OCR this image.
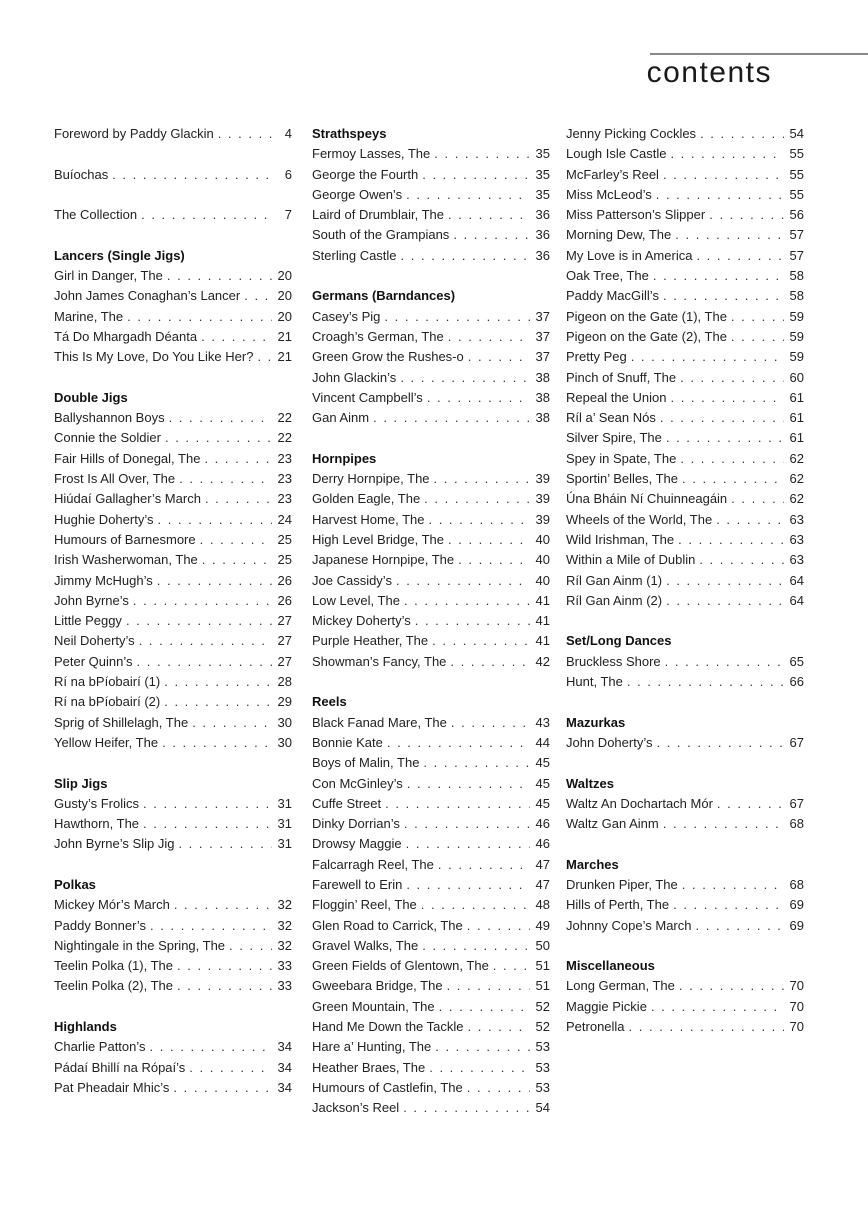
contents
Foreword by Paddy Glackin . . .	4
Buíochas . . .	6
The Collection . . .	7
Lancers (Single Jigs)
Girl in Danger, The . . .	20
John James Conaghan’s Lancer . . .	20
Marine, The . . .	20
Tá Do Mhargadh Déanta . . .	21
This Is My Love, Do You Like Her? . . . 21
Double Jigs
Ballyshannon Boys . . .	22
Connie the Soldier . . .	22
Fair Hills of Donegal, The . . .	23
Frost Is All Over, The . . .	23
Hiúdaí Gallagher’s March . . .	23
Hughie Doherty’s . . .	24
Humours of Barnesmore . . .	25
Irish Washerwoman, The . . .	25
Jimmy McHugh’s . . .	26
John Byrne’s . . .	26
Little Peggy . . .	27
Neil Doherty’s . . .	27
Peter Quinn’s . . .	27
Rí na bPíobairí (1) . . .	28
Rí na bPíobairí (2) . . .	29
Sprig of Shillelagh, The . . .	30
Yellow Heifer, The . . .	30
Slip Jigs
Gusty’s Frolics . . .	31
Hawthorn, The . . .	31
John Byrne’s Slip Jig . . .	31
Polkas
Mickey Mór’s March . . .	32
Paddy Bonner’s . . .	32
Nightingale in the Spring, The . . .	32
Teelin Polka (1), The . . .	33
Teelin Polka (2), The . . .	33
Highlands
Charlie Patton’s . . .	34
Pádaí Bhillí na Rópaí’s . . .	34
Pat Pheadair Mhic’s . . .	34
Strathspeys
Fermoy Lasses, The . . .	35
George the Fourth . . .	35
George Owen’s . . .	35
Laird of Drumblair, The . . .	36
South of the Grampians . . .	36
Sterling Castle . . .	36
Germans (Barndances)
Casey’s Pig . . .	37
Croagh’s German, The . . .	37
Green Grow the Rushes-o . . .	37
John Glackin’s . . .	38
Vincent Campbell’s . . .	38
Gan Ainm . . .	38
Hornpipes
Derry Hornpipe, The . . .	39
Golden Eagle, The . . .	39
Harvest Home, The . . .	39
High Level Bridge, The . . .	40
Japanese Hornpipe, The . . .	40
Joe Cassidy’s . . .	40
Low Level, The . . .	41
Mickey Doherty’s . . .	41
Purple Heather, The . . .	41
Showman’s Fancy, The . . .	42
Reels
Black Fanad Mare, The . . .	43
Bonnie Kate . . .	44
Boys of Malin, The . . .	45
Con McGinley’s . . .	45
Cuffe Street . . .	45
Dinky Dorrian’s . . .	46
Drowsy Maggie . . .	46
Falcarragh Reel, The . . .	47
Farewell to Erin . . .	47
Floggin’ Reel, The . . .	48
Glen Road to Carrick, The . . .	49
Gravel Walks, The . . .	50
Green Fields of Glentown, The . . .	51
Gweebara Bridge, The . . .	51
Green Mountain, The . . .	52
Hand Me Down the Tackle . . .	52
Hare a’ Hunting, The . . .	53
Heather Braes, The . . .	53
Humours of Castlefin, The . . .	53
Jackson’s Reel . . .	54
Jenny Picking Cockles . . .	54
Lough Isle Castle . . .	55
McFarley’s Reel . . .	55
Miss McLeod’s . . .	55
Miss Patterson’s Slipper . . .	56
Morning Dew, The . . .	57
My Love is in America . . .	57
Oak Tree, The . . .	58
Paddy MacGill’s . . .	58
Pigeon on the Gate (1), The . . .	59
Pigeon on the Gate (2), The . . .	59
Pretty Peg . . .	59
Pinch of Snuff, The . . .	60
Repeal the Union . . .	61
Ríl a’ Sean Nós . . .	61
Silver Spire, The . . .	61
Spey in Spate, The . . .	62
Sportin’ Belles, The . . .	62
Úna Bháin Ní Chuinneagáin . . .	62
Wheels of the World, The . . .	63
Wild Irishman, The . . .	63
Within a Mile of Dublin . . .	63
Ríl Gan Ainm (1) . . .	64
Ríl Gan Ainm (2) . . .	64
Set/Long Dances
Bruckless Shore . . .	65
Hunt, The . . .	66
Mazurkas
John Doherty’s . . .	67
Waltzes
Waltz An Dochartach Mór . . .	67
Waltz Gan Ainm . . .	68
Marches
Drunken Piper, The . . .	68
Hills of Perth, The . . .	69
Johnny Cope’s March . . .	69
Miscellaneous
Long German, The . . .	70
Maggie Pickie . . .	70
Petronella . . .	70
